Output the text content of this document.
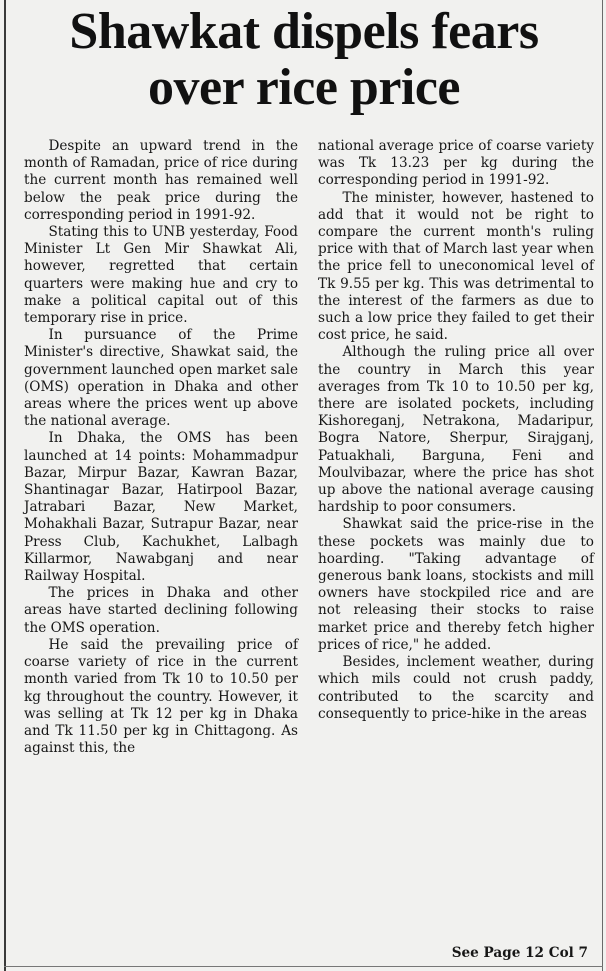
Shawkat dispels fears
over rice price

Despite an upward trend in the month of Ramadan, price of rice during the current month has remained well below the peak price during the corresponding period in 1991-92.

Stating this to UNB yesterday, Food Minister Lt Gen Mir Shawkat Ali, however, regretted that certain quarters were making hue and cry to make a political capital out of this temporary rise in price.

In pursuance of the Prime Minister's directive, Shawkat said, the government launched open market sale (OMS) operation in Dhaka and other areas where the prices went up above the national average.

In Dhaka, the OMS has been launched at 14 points: Mohammadpur Bazar, Mirpur Bazar, Kawran Bazar, Shantinagar Bazar, Hatirpool Bazar, Jatrabari Bazar, New Market, Mohakhali Bazar, Sutrapur Bazar, near Press Club, Kachukhet, Lalbagh Killarmor, Nawabganj and near Railway Hospital.

The prices in Dhaka and other areas have started declining following the OMS operation.

He said the prevailing price of coarse variety of rice in the current month varied from Tk 10 to 10.50 per kg throughout the country. However, it was selling at Tk 12 per kg in Dhaka and Tk 11.50 per kg in Chittagong. As against this, the

national average price of coarse variety was Tk 13.23 per kg during the corresponding period in 1991-92.

The minister, however, hastened to add that it would not be right to compare the current month's ruling price with that of March last year when the price fell to uneconomical level of Tk 9.55 per kg. This was detrimental to the interest of the farmers as due to such a low price they failed to get their cost price, he said.

Although the ruling price all over the country in March this year averages from Tk 10 to 10.50 per kg, there are isolated pockets, including Kishoreganj, Netrakona, Madaripur, Bogra Natore, Sherpur, Sirajganj, Patuakhali, Barguna, Feni and Moulvibazar, where the price has shot up above the national average causing hardship to poor consumers.

Shawkat said the price-rise in the these pockets was mainly due to hoarding. "Taking advantage of generous bank loans, stockists and mill owners have stockpiled rice and are not releasing their stocks to raise market price and thereby fetch higher prices of rice," he added.

Besides, inclement weather, during which mils could not crush paddy, contributed to the scarcity and consequently to price-hike in the areas

See Page 12 Col 7
